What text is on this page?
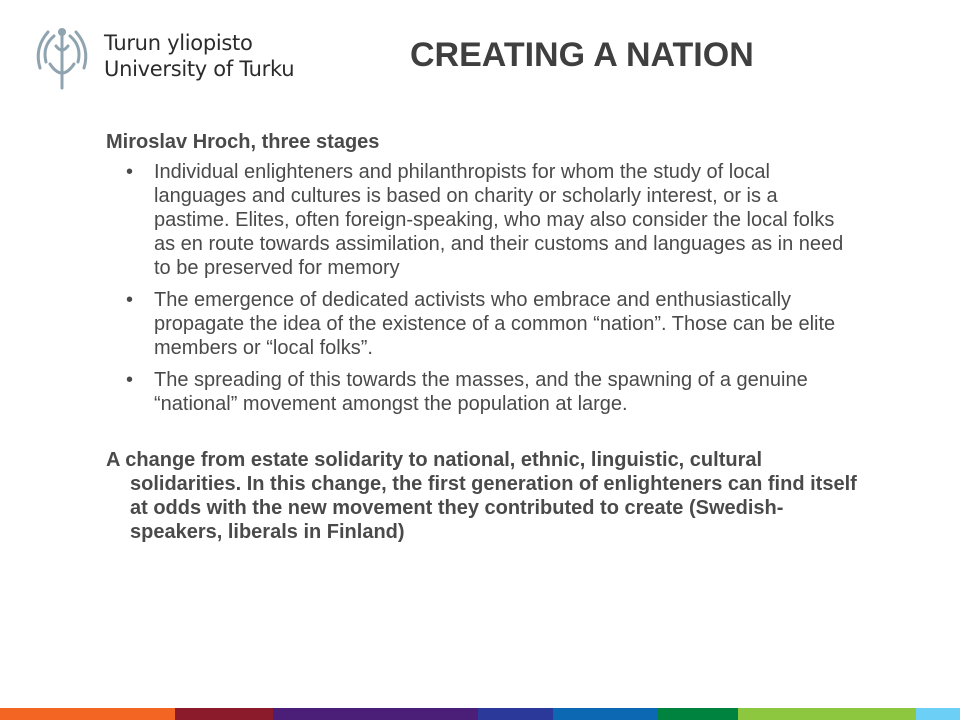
Turun yliopisto
University of Turku	CREATING A NATION
Miroslav Hroch, three stages
• Individual enlighteners and philanthropists for whom the study of local languages and cultures is based on charity or scholarly interest, or is a pastime. Elites, often foreign-speaking, who may also consider the local folks as en route towards assimilation, and their customs and languages as in need to be preserved for memory
• The emergence of dedicated activists who embrace and enthusiastically propagate the idea of the existence of a common “nation”. Those can be elite members or “local folks”.
• The spreading of this towards the masses, and the spawning of a genuine “national” movement amongst the population at large.
A change from estate solidarity to national, ethnic, linguistic, cultural solidarities. In this change, the first generation of enlighteners can find itself at odds with the new movement they contributed to create (Swedish-speakers, liberals in Finland)
